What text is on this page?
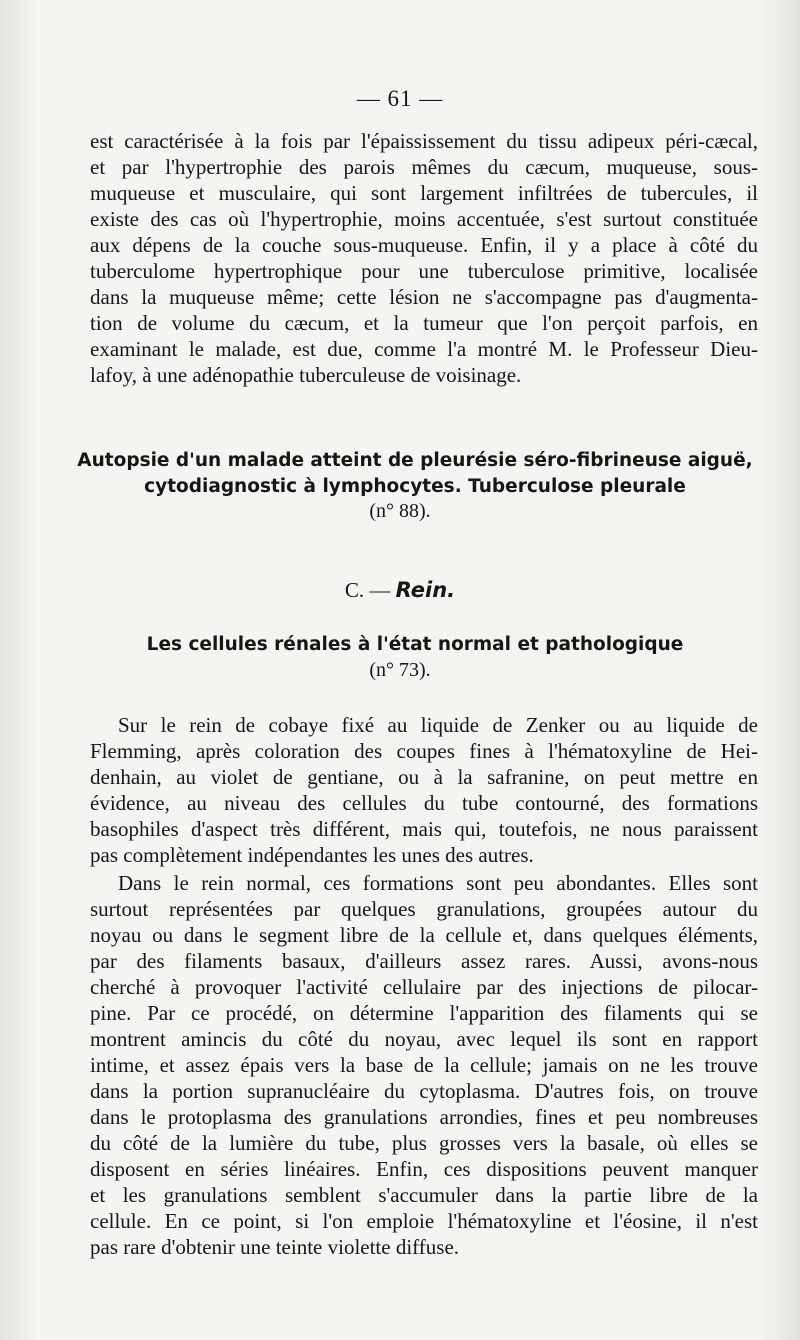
— 61 —
est caractérisée à la fois par l'épaississement du tissu adipeux péri-cæcal,
et par l'hypertrophie des parois mêmes du cæcum, muqueuse, sous-
muqueuse et musculaire, qui sont largement infiltrées de tubercules, il
existe des cas où l'hypertrophie, moins accentuée, s'est surtout constituée
aux dépens de la couche sous-muqueuse. Enfin, il y a place à côté du
tuberculome hypertrophique pour une tuberculose primitive, localisée
dans la muqueuse même; cette lésion ne s'accompagne pas d'augmenta-
tion de volume du cæcum, et la tumeur que l'on perçoit parfois, en
examinant le malade, est due, comme l'a montré M. le Professeur Dieu-
lafoy, à une adénopathie tuberculeuse de voisinage.
Autopsie d'un malade atteint de pleurésie séro-fibrineuse aiguë,
cytodiagnostic à lymphocytes. Tuberculose pleurale
(n° 88).
C. — Rein.
Les cellules rénales à l'état normal et pathologique
(n° 73).
Sur le rein de cobaye fixé au liquide de Zenker ou au liquide de
Flemming, après coloration des coupes fines à l'hématoxyline de Hei-
denhain, au violet de gentiane, ou à la safranine, on peut mettre en
évidence, au niveau des cellules du tube contourné, des formations
basophiles d'aspect très différent, mais qui, toutefois, ne nous paraissent
pas complètement indépendantes les unes des autres.
Dans le rein normal, ces formations sont peu abondantes. Elles sont
surtout représentées par quelques granulations, groupées autour du
noyau ou dans le segment libre de la cellule et, dans quelques éléments,
par des filaments basaux, d'ailleurs assez rares. Aussi, avons-nous
cherché à provoquer l'activité cellulaire par des injections de pilocar-
pine. Par ce procédé, on détermine l'apparition des filaments qui se
montrent amincis du côté du noyau, avec lequel ils sont en rapport
intime, et assez épais vers la base de la cellule; jamais on ne les trouve
dans la portion supranucléaire du cytoplasma. D'autres fois, on trouve
dans le protoplasma des granulations arrondies, fines et peu nombreuses
du côté de la lumière du tube, plus grosses vers la basale, où elles se
disposent en séries linéaires. Enfin, ces dispositions peuvent manquer
et les granulations semblent s'accumuler dans la partie libre de la
cellule. En ce point, si l'on emploie l'hématoxyline et l'éosine, il n'est
pas rare d'obtenir une teinte violette diffuse.
